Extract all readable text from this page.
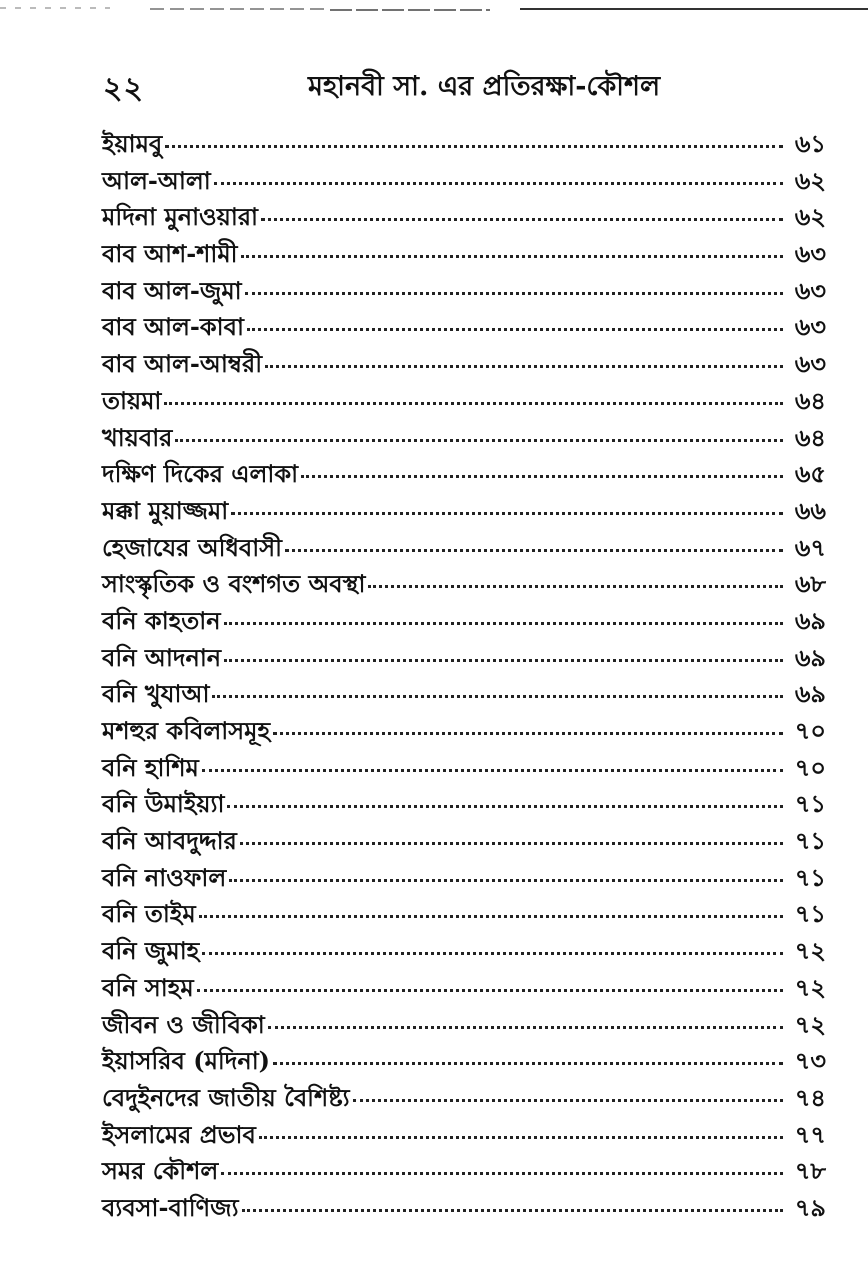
২২	মহানবী সা. এর প্রতিরক্ষা-কৌশল
ইয়ামবু	৬১
আল-আলা	৬২
মদিনা মুনাওয়ারা	৬২
বাব আশ-শামী	৬৩
বাব আল-জুমা	৬৩
বাব আল-কাবা	৬৩
বাব আল-আম্বরী	৬৩
তায়মা	৬৪
খায়বার	৬৪
দক্ষিণ দিকের এলাকা	৬৫
মক্কা মুয়াজ্জমা	৬৬
হেজাযের অধিবাসী	৬৭
সাংস্কৃতিক ও বংশগত অবস্থা	৬৮
বনি কাহতান	৬৯
বনি আদনান	৬৯
বনি খুযাআ	৬৯
মশহুর কবিলাসমূহ	৭০
বনি হাশিম	৭০
বনি উমাইয়্যা	৭১
বনি আবদুদ্দার	৭১
বনি নাওফাল	৭১
বনি তাইম	৭১
বনি জুমাহ	৭২
বনি সাহম	৭২
জীবন ও জীবিকা	৭২
ইয়াসরিব (মদিনা)	৭৩
বেদুইনদের জাতীয় বৈশিষ্ট্য	৭৪
ইসলামের প্রভাব	৭৭
সমর কৌশল	৭৮
ব্যবসা-বাণিজ্য	৭৯
